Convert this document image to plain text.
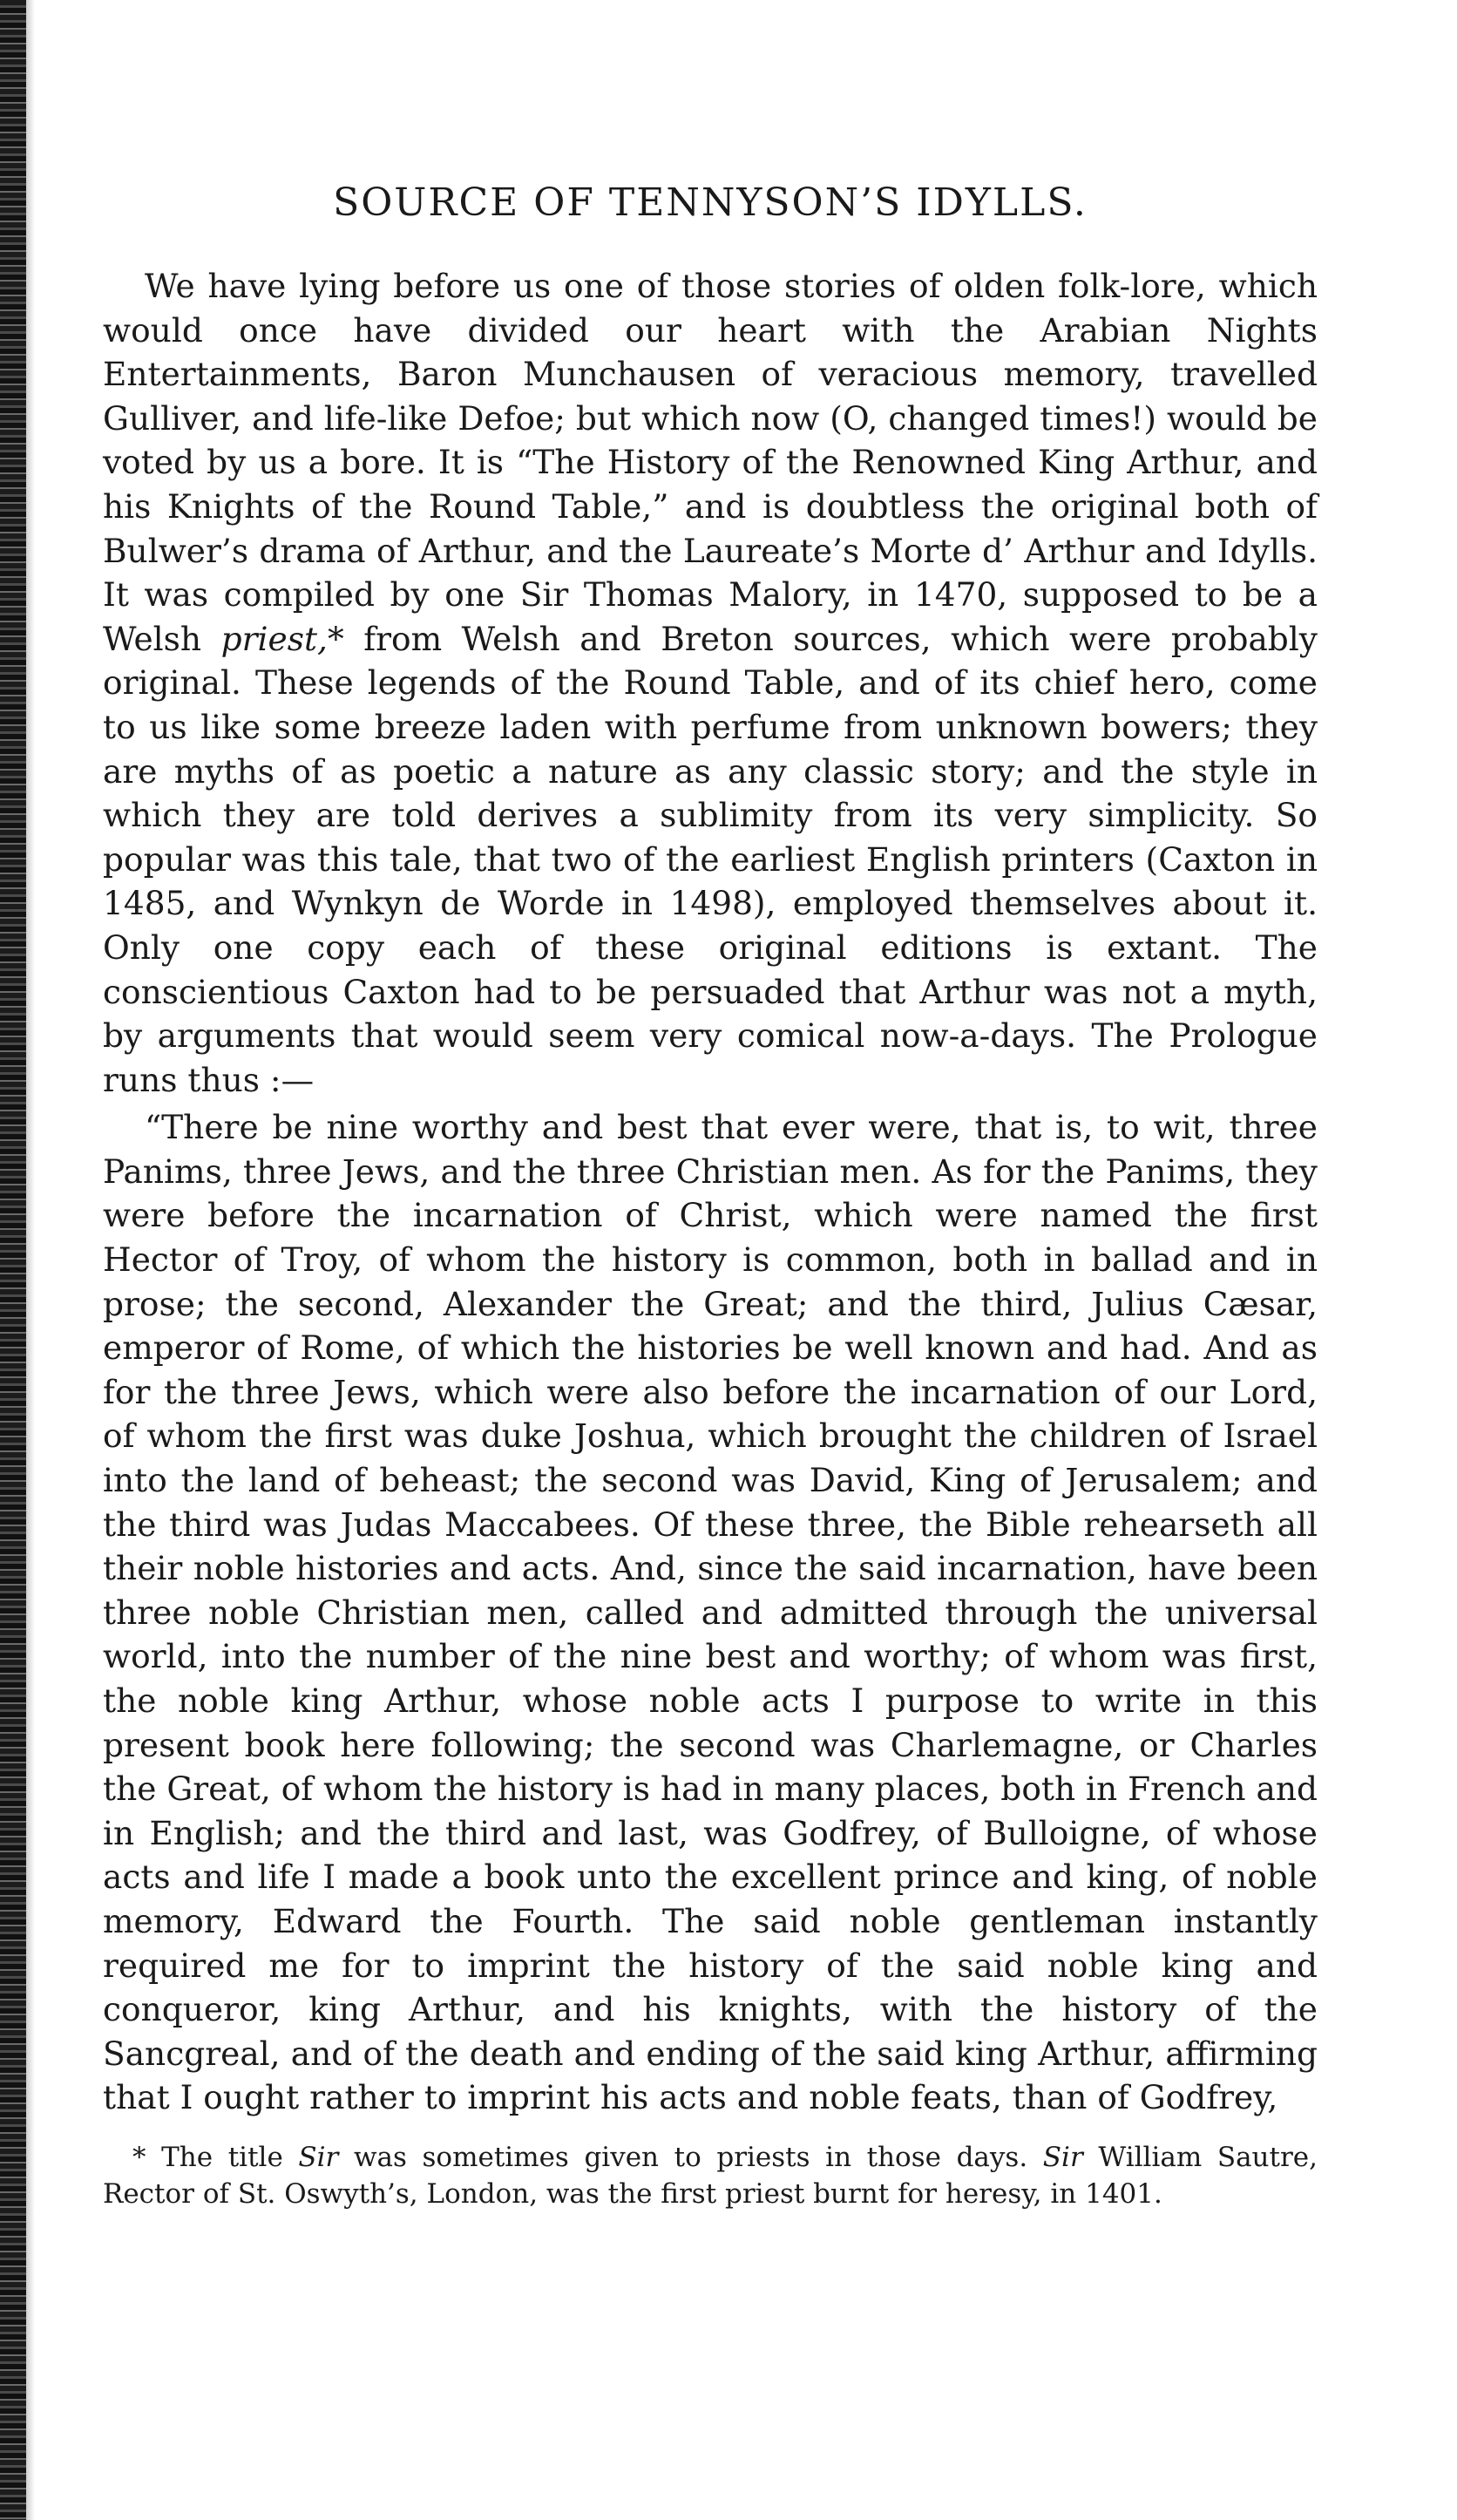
SOURCE OF TENNYSON’S IDYLLS.

We have lying before us one of those stories of olden folk-lore, which would once have divided our heart with the Arabian Nights Entertainments, Baron Munchausen of veracious memory, travelled Gulliver, and life-like Defoe; but which now (O, changed times!) would be voted by us a bore. It is “The History of the Renowned King Arthur, and his Knights of the Round Table,” and is doubtless the original both of Bulwer’s drama of Arthur, and the Laureate’s Morte d’ Arthur and Idylls. It was compiled by one Sir Thomas Malory, in 1470, supposed to be a Welsh priest,* from Welsh and Breton sources, which were probably original. These legends of the Round Table, and of its chief hero, come to us like some breeze laden with perfume from unknown bowers; they are myths of as poetic a nature as any classic story; and the style in which they are told derives a sublimity from its very simplicity. So popular was this tale, that two of the earliest English printers (Caxton in 1485, and Wynkyn de Worde in 1498), employed themselves about it. Only one copy each of these original editions is extant. The conscientious Caxton had to be persuaded that Arthur was not a myth, by arguments that would seem very comical now-a-days. The Prologue runs thus :—

“There be nine worthy and best that ever were, that is, to wit, three Panims, three Jews, and the three Christian men. As for the Panims, they were before the incarnation of Christ, which were named the first Hector of Troy, of whom the history is common, both in ballad and in prose; the second, Alexander the Great; and the third, Julius Cæsar, emperor of Rome, of which the histories be well known and had. And as for the three Jews, which were also before the incarnation of our Lord, of whom the first was duke Joshua, which brought the children of Israel into the land of beheast; the second was David, King of Jerusalem; and the third was Judas Maccabees. Of these three, the Bible rehearseth all their noble histories and acts. And, since the said incarnation, have been three noble Christian men, called and admitted through the universal world, into the number of the nine best and worthy; of whom was first, the noble king Arthur, whose noble acts I purpose to write in this present book here following; the second was Charlemagne, or Charles the Great, of whom the history is had in many places, both in French and in English; and the third and last, was Godfrey, of Bulloigne, of whose acts and life I made a book unto the excellent prince and king, of noble memory, Edward the Fourth. The said noble gentleman instantly required me for to imprint the history of the said noble king and conqueror, king Arthur, and his knights, with the history of the Sancgreal, and of the death and ending of the said king Arthur, affirming that I ought rather to imprint his acts and noble feats, than of Godfrey,

* The title Sir was sometimes given to priests in those days. Sir William Sautre, Rector of St. Oswyth’s, London, was the first priest burnt for heresy, in 1401.
